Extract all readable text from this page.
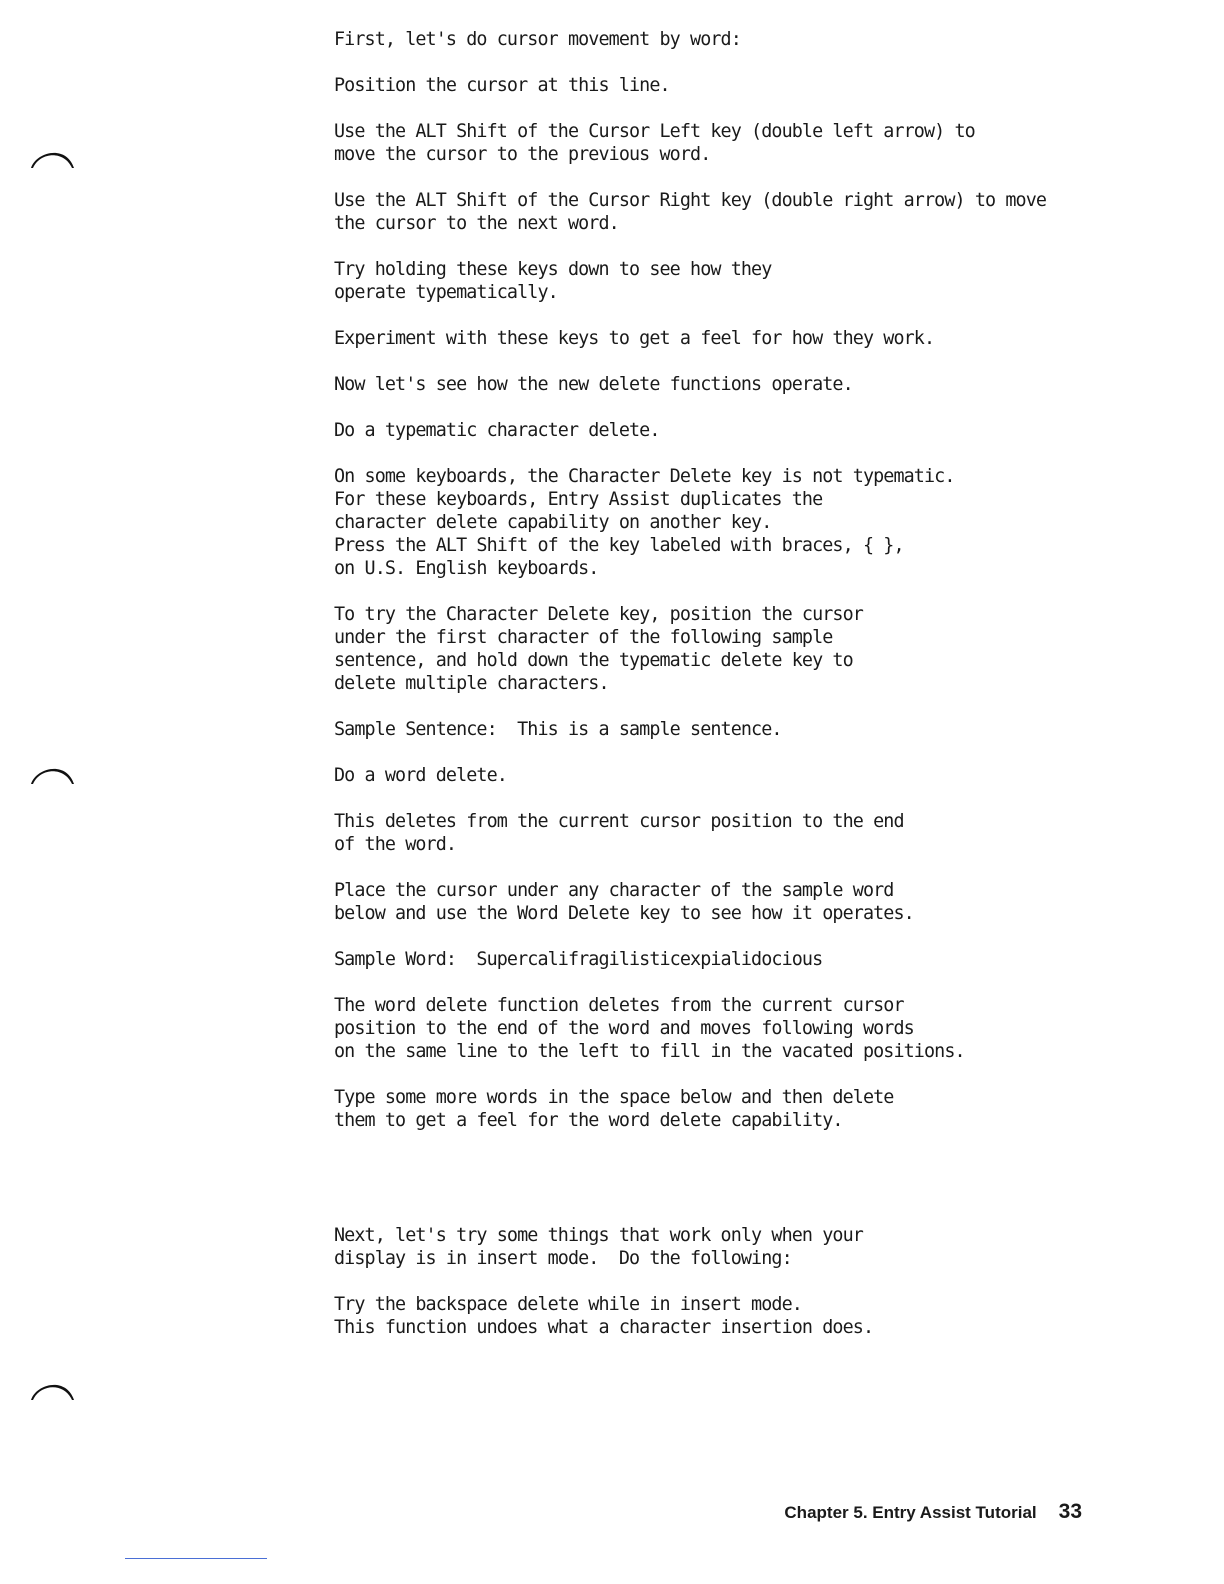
First, let's do cursor movement by word:
Position the cursor at this line.
Use the ALT Shift of the Cursor Left key (double left arrow) to
move the cursor to the previous word.
Use the ALT Shift of the Cursor Right key (double right arrow) to move
the cursor to the next word.
Try holding these keys down to see how they
operate typematically.
Experiment with these keys to get a feel for how they work.
Now let's see how the new delete functions operate.
Do a typematic character delete.
On some keyboards, the Character Delete key is not typematic.
For these keyboards, Entry Assist duplicates the
character delete capability on another key.
Press the ALT Shift of the key labeled with braces, { },
on U.S. English keyboards.
To try the Character Delete key, position the cursor
under the first character of the following sample
sentence, and hold down the typematic delete key to
delete multiple characters.
Sample Sentence:  This is a sample sentence.
Do a word delete.
This deletes from the current cursor position to the end
of the word.
Place the cursor under any character of the sample word
below and use the Word Delete key to see how it operates.
Sample Word:  Supercalifragilisticexpialidocious
The word delete function deletes from the current cursor
position to the end of the word and moves following words
on the same line to the left to fill in the vacated positions.
Type some more words in the space below and then delete
them to get a feel for the word delete capability.
Next, let's try some things that work only when your
display is in insert mode.  Do the following:
Try the backspace delete while in insert mode.
This function undoes what a character insertion does.
Chapter 5. Entry Assist Tutorial 33
